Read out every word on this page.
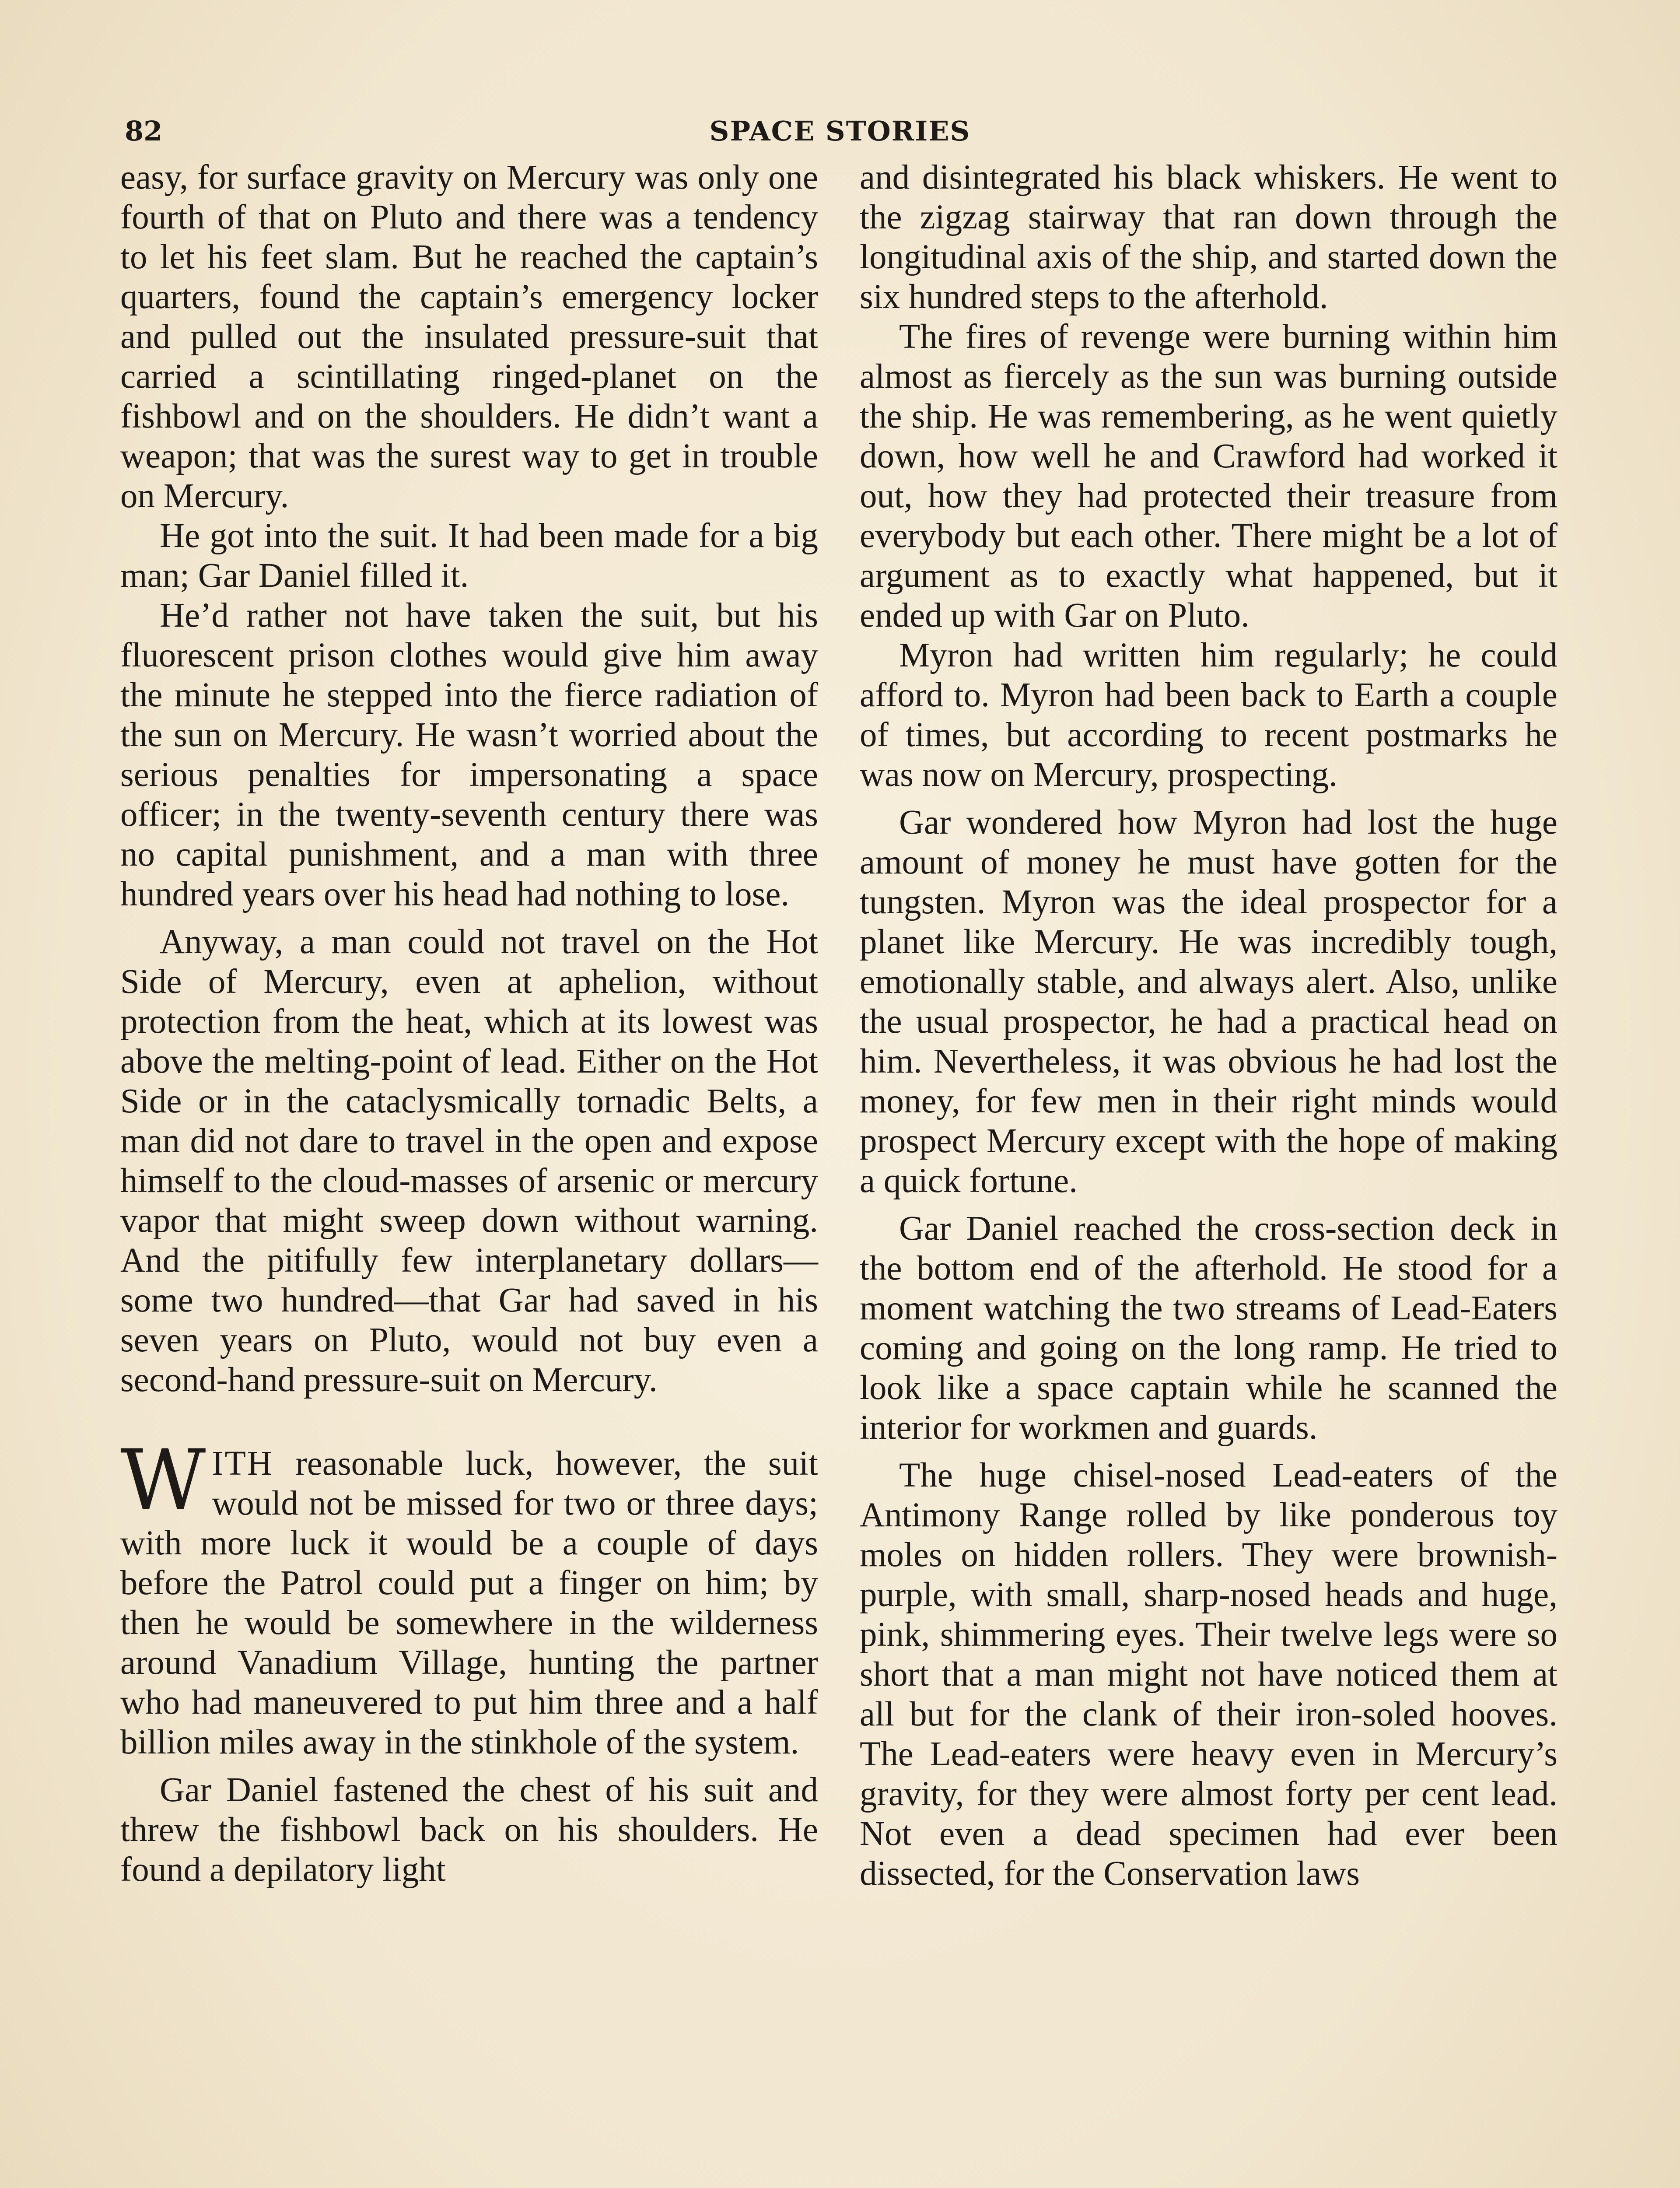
82	SPACE STORIES

easy, for surface gravity on Mercury was only one fourth of that on Pluto and there was a tendency to let his feet slam. But he reached the captain’s quarters, found the captain’s emergency locker and pulled out the insulated pressure-suit that carried a scintillating ringed-planet on the fishbowl and on the shoulders. He didn’t want a weapon; that was the surest way to get in trouble on Mercury.

He got into the suit. It had been made for a big man; Gar Daniel filled it.

He’d rather not have taken the suit, but his fluorescent prison clothes would give him away the minute he stepped into the fierce radiation of the sun on Mercury. He wasn’t worried about the serious penalties for impersonating a space officer; in the twenty-seventh century there was no capital punishment, and a man with three hundred years over his head had nothing to lose.

Anyway, a man could not travel on the Hot Side of Mercury, even at aphelion, without protection from the heat, which at its lowest was above the melting-point of lead. Either on the Hot Side or in the cataclysmically tornadic Belts, a man did not dare to travel in the open and expose himself to the cloud-masses of arsenic or mercury vapor that might sweep down without warning. And the pitifully few interplanetary dollars— some two hundred––that Gar had saved in his seven years on Pluto, would not buy even a second-hand pressure-suit on Mercury.

WITH reasonable luck, however, the suit would not be missed for two or three days; with more luck it would be a couple of days before the Patrol could put a finger on him; by then he would be somewhere in the wilderness around Vanadium Village, hunting the partner who had maneuvered to put him three and a half billion miles away in the stinkhole of the system.

Gar Daniel fastened the chest of his suit and threw the fishbowl back on his shoulders. He found a depilatory light

and disintegrated his black whiskers. He went to the zigzag stairway that ran down through the longitudinal axis of the ship, and started down the six hundred steps to the afterhold.

The fires of revenge were burning within him almost as fiercely as the sun was burning outside the ship. He was remembering, as he went quietly down, how well he and Crawford had worked it out, how they had protected their treasure from everybody but each other. There might be a lot of argument as to exactly what happened, but it ended up with Gar on Pluto.

Myron had written him regularly; he could afford to. Myron had been back to Earth a couple of times, but according to recent postmarks he was now on Mercury, prospecting.

Gar wondered how Myron had lost the huge amount of money he must have gotten for the tungsten. Myron was the ideal prospector for a planet like Mercury. He was incredibly tough, emotionally stable, and always alert. Also, unlike the usual prospector, he had a practical head on him. Nevertheless, it was obvious he had lost the money, for few men in their right minds would prospect Mercury except with the hope of making a quick fortune.

Gar Daniel reached the cross-section deck in the bottom end of the afterhold. He stood for a moment watching the two streams of Lead-Eaters coming and going on the long ramp. He tried to look like a space captain while he scanned the interior for workmen and guards.

The huge chisel-nosed Lead-eaters of the Antimony Range rolled by like ponderous toy moles on hidden rollers. They were brownish-purple, with small, sharp-nosed heads and huge, pink, shimmering eyes. Their twelve legs were so short that a man might not have noticed them at all but for the clank of their iron-soled hooves. The Lead-eaters were heavy even in Mercury’s gravity, for they were almost forty per cent lead. Not even a dead specimen had ever been dissected, for the Conservation laws
